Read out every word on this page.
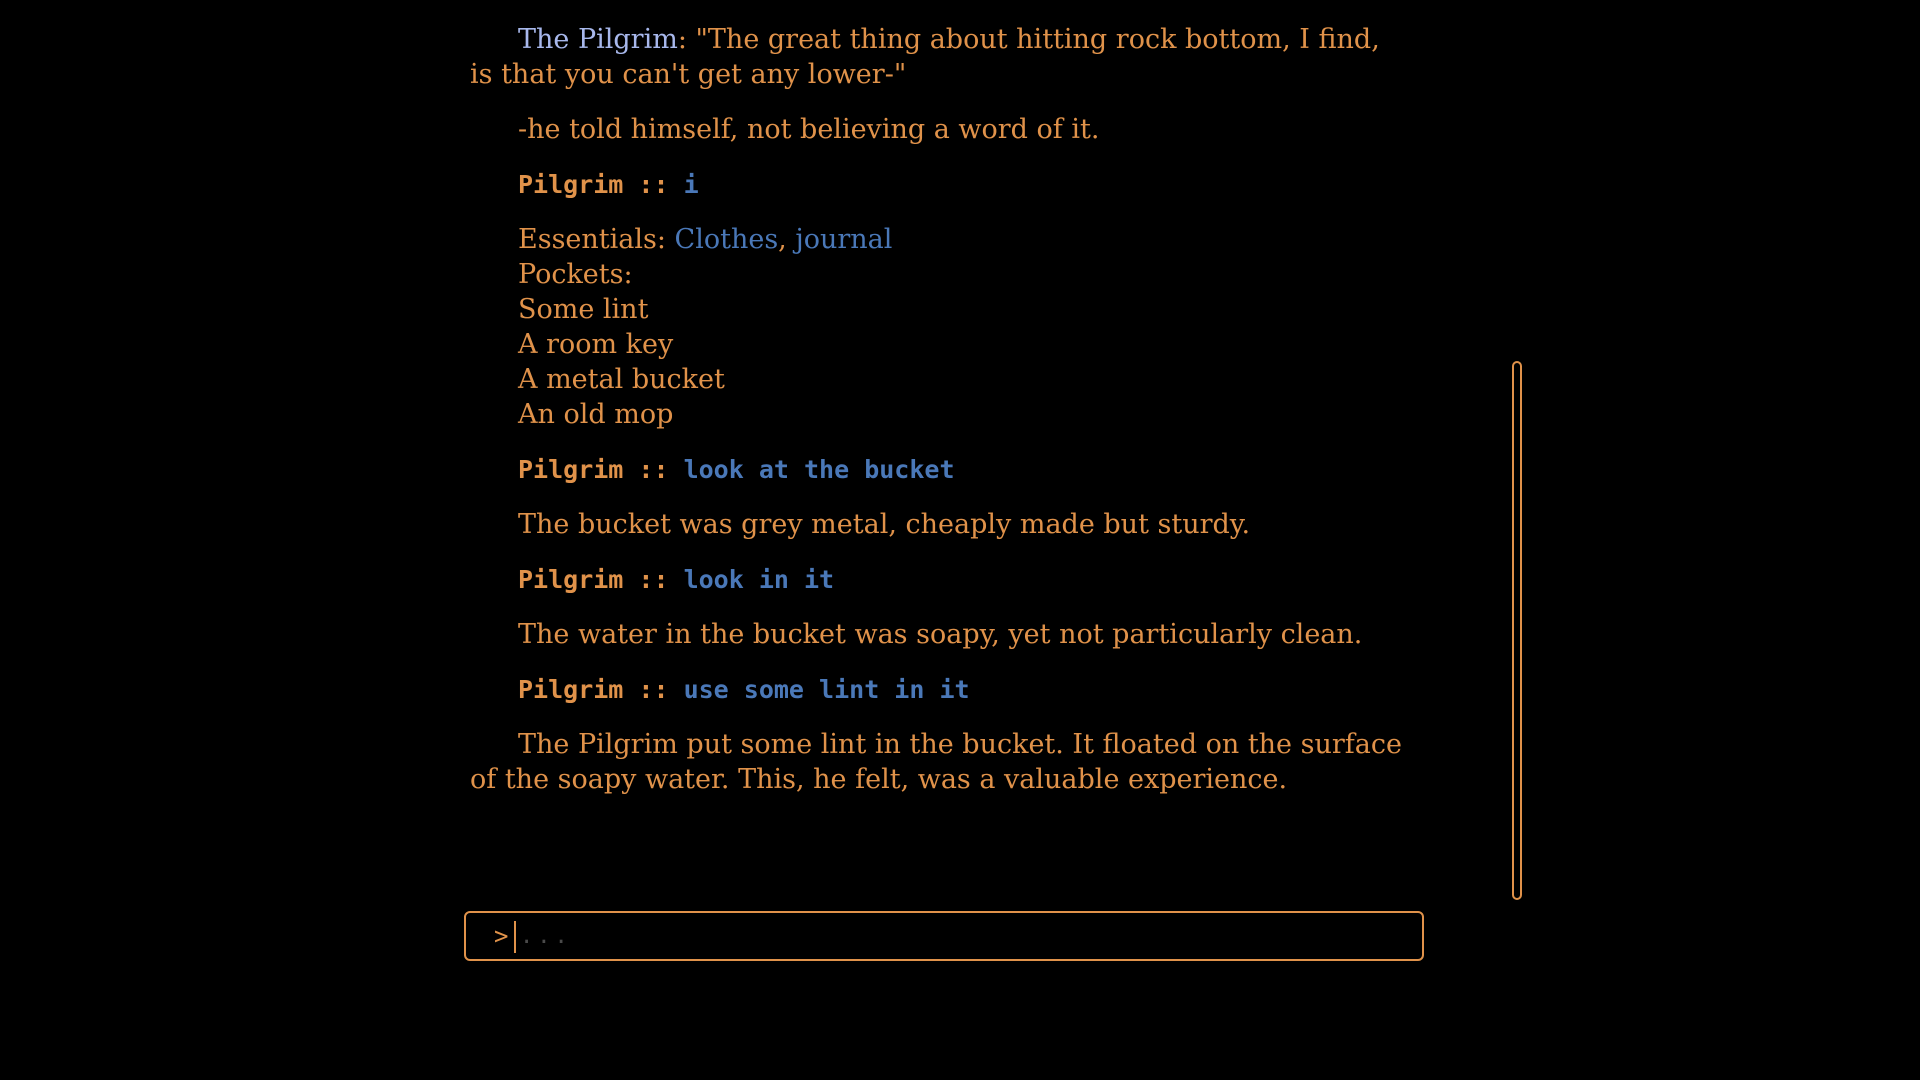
The Pilgrim: "The great thing about hitting rock bottom, I find, is that you can't get any lower-"

-he told himself, not believing a word of it.

Pilgrim :: i
Essentials: Clothes, journal
Pockets:
Some lint
A room key
A metal bucket
An old mop
Pilgrim :: look at the bucket

The bucket was grey metal, cheaply made but sturdy.

Pilgrim :: look in it

The water in the bucket was soapy, yet not particularly clean.

Pilgrim :: use some lint in it

The Pilgrim put some lint in the bucket. It floated on the surface of the soapy water. This, he felt, was a valuable experience.

>
...
